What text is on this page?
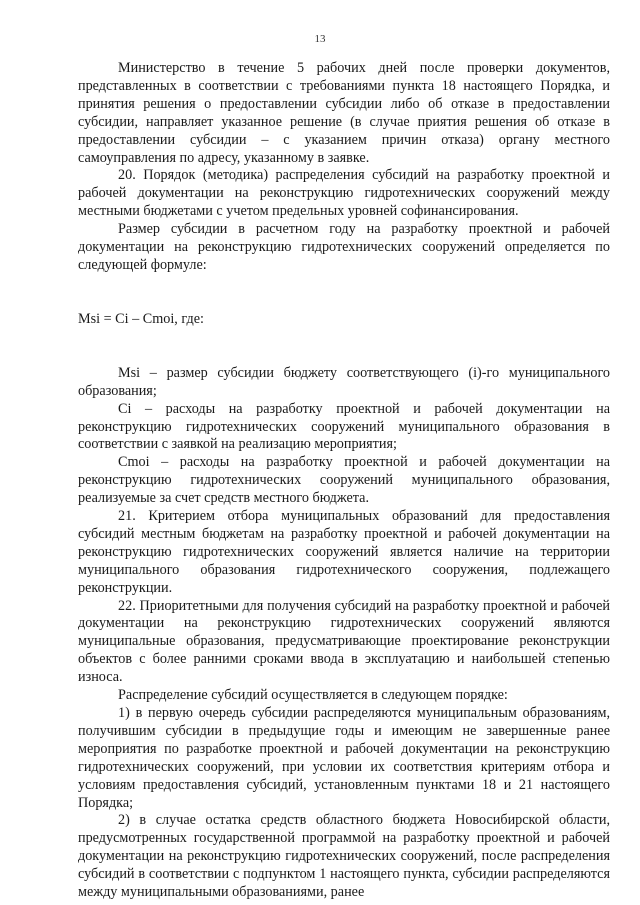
13

Министерство в течение 5 рабочих дней после проверки документов, представленных в соответствии с требованиями пункта 18 настоящего Порядка, и принятия решения о предоставлении субсидии либо об отказе в предоставлении субсидии, направляет указанное решение (в случае приятия решения об отказе в предоставлении субсидии – с указанием причин отказа) органу местного самоуправления по адресу, указанному в заявке.

20. Порядок (методика) распределения субсидий на разработку проектной и рабочей документации на реконструкцию гидротехнических сооружений между местными бюджетами с учетом предельных уровней софинансирования.

Размер субсидии в расчетном году на разработку проектной и рабочей документации на реконструкцию гидротехнических сооружений определяется по следующей формуле:

Msi = Ci – Cmoi, где:

Msi – размер субсидии бюджету соответствующего (i)-го муниципального образования;

Ci – расходы на разработку проектной и рабочей документации на реконструкцию гидротехнических сооружений муниципального образования в соответствии с заявкой на реализацию мероприятия;

Cmoi – расходы на разработку проектной и рабочей документации на реконструкцию гидротехнических сооружений муниципального образования, реализуемые за счет средств местного бюджета.

21. Критерием отбора муниципальных образований для предоставления субсидий местным бюджетам на разработку проектной и рабочей документации на реконструкцию гидротехнических сооружений является наличие на территории муниципального образования гидротехнического сооружения, подлежащего реконструкции.

22. Приоритетными для получения субсидий на разработку проектной и рабочей документации на реконструкцию гидротехнических сооружений являются муниципальные образования, предусматривающие проектирование реконструкции объектов с более ранними сроками ввода в эксплуатацию и наибольшей степенью износа.

Распределение субсидий осуществляется в следующем порядке:

1) в первую очередь субсидии распределяются муниципальным образованиям, получившим субсидии в предыдущие годы и имеющим не завершенные ранее мероприятия по разработке проектной и рабочей документации на реконструкцию гидротехнических сооружений, при условии их соответствия критериям отбора и условиям предоставления субсидий, установленным пунктами 18 и 21 настоящего Порядка;

2) в случае остатка средств областного бюджета Новосибирской области, предусмотренных государственной программой на разработку проектной и рабочей документации на реконструкцию гидротехнических сооружений, после распределения субсидий в соответствии с подпунктом 1 настоящего пункта, субсидии распределяются между муниципальными образованиями, ранее
